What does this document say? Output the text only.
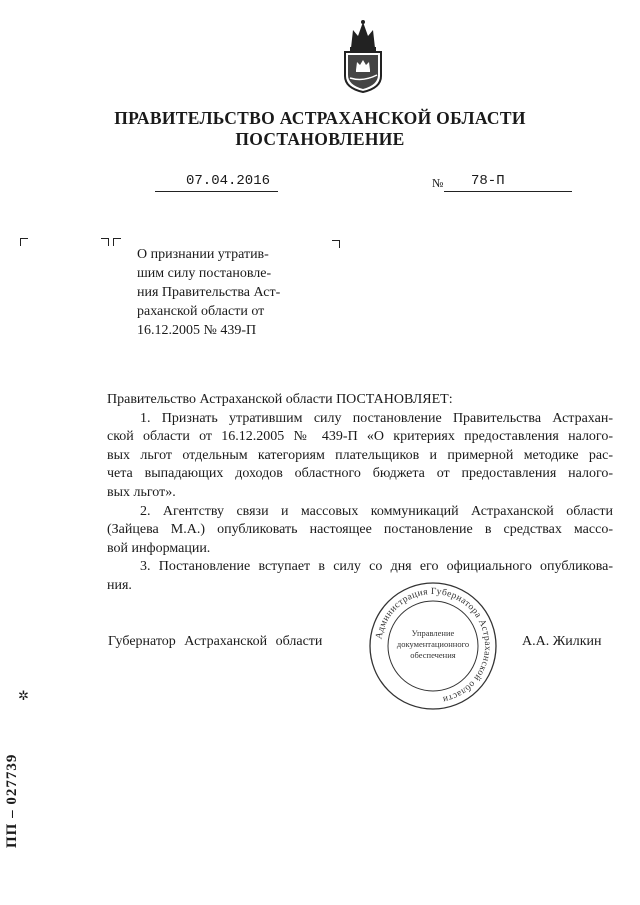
ПРАВИТЕЛЬСТВО АСТРАХАНСКОЙ ОБЛАСТИ
ПОСТАНОВЛЕНИЕ
07.04.2016	№ 78-П
О признании утратив-
шим силу постановле-
ния Правительства Аст-
раханской области от
16.12.2005 № 439-П
Правительство Астраханской области ПОСТАНОВЛЯЕТ:
1. Признать утратившим силу постановление Правительства Астрахан-
ской области от 16.12.2005 № 439-П «О критериях предоставления налого-
вых льгот отдельным категориям плательщиков и примерной методике рас-
чета выпадающих доходов областного бюджета от предоставления налого-
вых льгот».
2. Агентству связи и массовых коммуникаций Астраханской области
(Зайцева М.А.) опубликовать настоящее постановление в средствах массо-
вой информации.
3. Постановление вступает в силу со дня его официального опубликова-
ния.
Администрация Губернатора Астраханской области
Управление
документационного
обеспечения
Губернатор Астраханской области	А.А. Жилкин
✲
ПП – 027739
